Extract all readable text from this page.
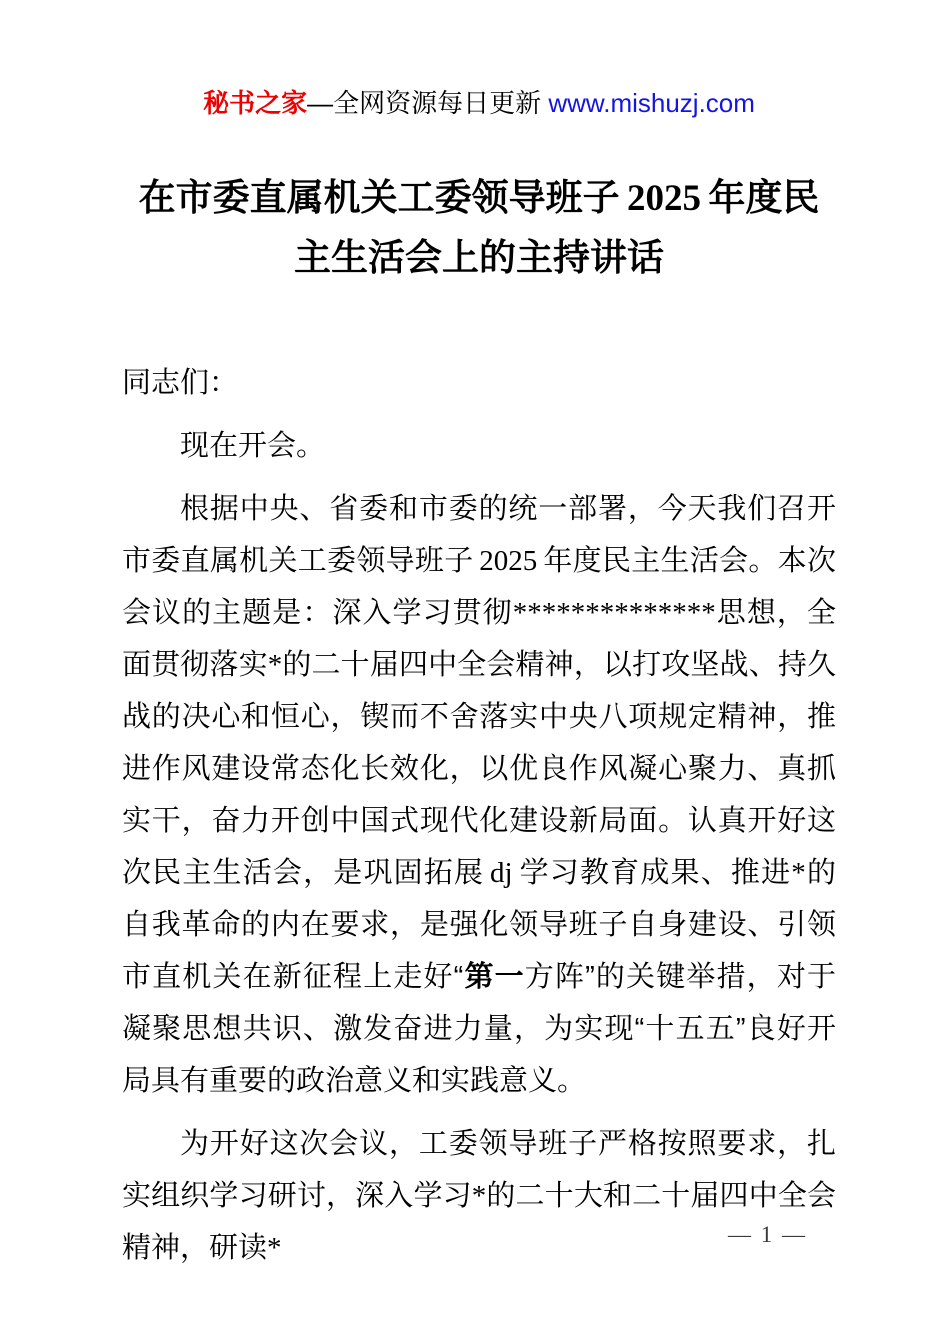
秘书之家—全网资源每日更新 www.mishuzj.com
在市委直属机关工委领导班子 2025 年度民主生活会上的主持讲话

同志们：

现在开会。

根据中央、省委和市委的统一部署，今天我们召开市委直属机关工委领导班子 2025 年度民主生活会。本次会议的主题是：深入学习贯彻**************思想，全面贯彻落实*的二十届四中全会精神，以打攻坚战、持久战的决心和恒心，锲而不舍落实中央八项规定精神，推进作风建设常态化长效化，以优良作风凝心聚力、真抓实干，奋力开创中国式现代化建设新局面。认真开好这次民主生活会，是巩固拓展 dj 学习教育成果、推进*的自我革命的内在要求，是强化领导班子自身建设、引领市直机关在新征程上走好“第一方阵”的关键举措，对于凝聚思想共识、激发奋进力量，为实现“十五五”良好开局具有重要的政治意义和实践意义。

为开好这次会议，工委领导班子严格按照要求，扎实组织学习研讨，深入学习*的二十大和二十届四中全会精神，研读*	— 1 —
